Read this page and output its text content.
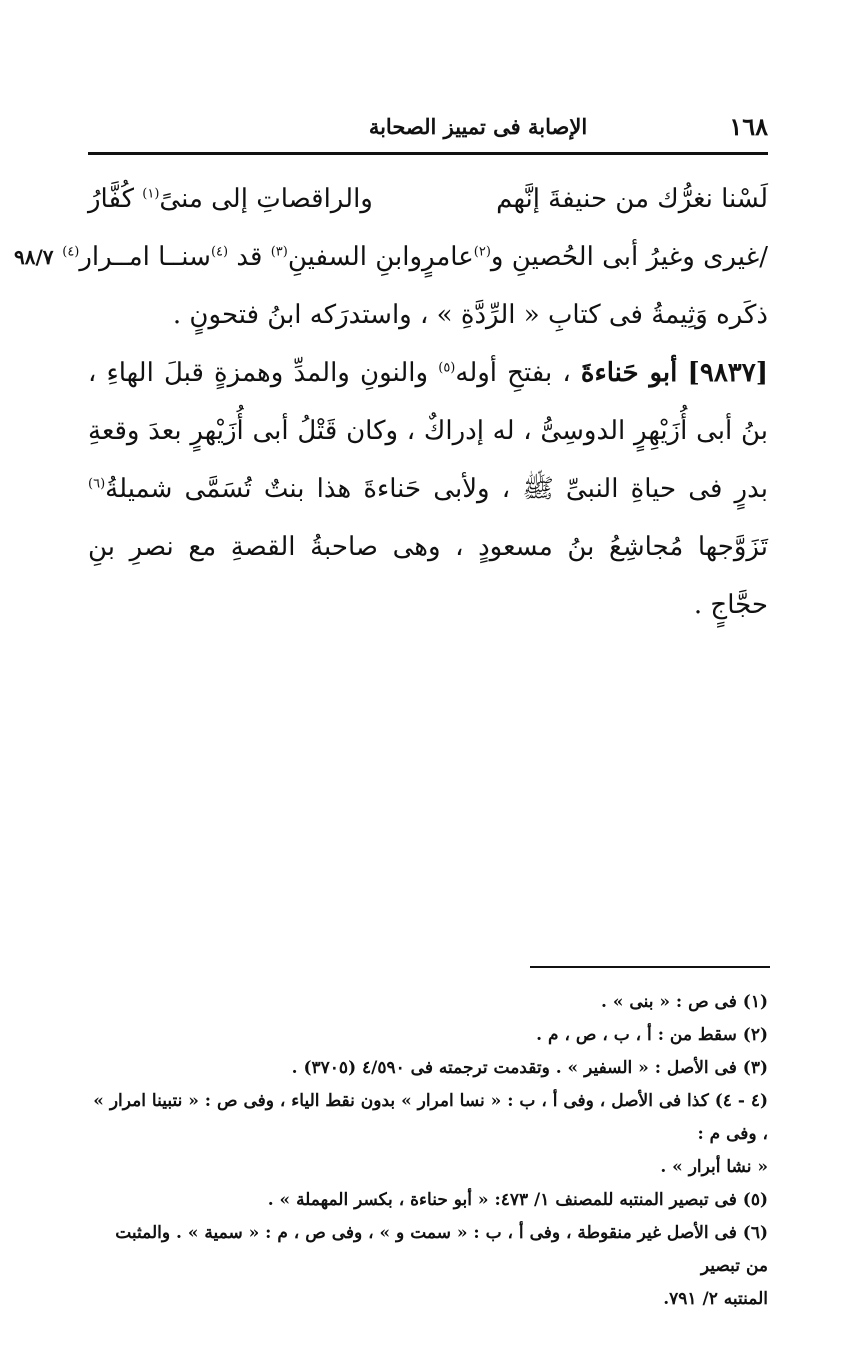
١٦٨
الإصابة فى تمييز الصحابة
لَسْنا نغرُّك من حنيفةَ إنَّهم
والراقصاتِ إلى منىً$^{(١)}$ كُفَّارُ
/غيرى وغيرُ أبى الحُصينِ و$^{(٢)}$عامرٍ
وابنِ السفينِ$^{(٣)}$ قد $^{(٤)}$سنــا امــرار$^{(٤)}$
٩٨/٧

ذكَره وَثِيمةُ فى كتابِ « الرِّدَّةِ » ، واستدرَكه ابنُ فتحونٍ .

[٩٨٣٧] أبو حَناءةَ ، بفتحِ أوله$^{(٥)}$ والنونِ والمدِّ وهمزةٍ قبلَ الهاءِ ، بنُ أبى أُزَيْهِرٍ الدوسِىُّ ، له إدراكٌ ، وكان قَتْلُ أبى أُزَيْهرٍ بعدَ وقعةِ بدرٍ فى حياةِ النبىِّ ﷺ ، ولأبى حَناءةَ هذا بنتٌ تُسَمَّى شميلةُ$^{(٦)}$ تَزَوَّجها مُجاشِعُ بنُ مسعودٍ ، وهى صاحبةُ القصةِ مع نصرِ بنِ حجَّاجٍ .

(١) فى ص : « بنى » .

(٢) سقط من : أ ، ب ، ص ، م .

(٣) فى الأصل : « السفير » . وتقدمت ترجمته فى ٤/٥٩٠ (٣٧٠٥) .

(٤ - ٤) كذا فى الأصل ، وفى أ ، ب : « نسا امرار » بدون نقط الياء ، وفى ص : « نتبينا امرار » ، وفى م :

« نشا أبرار » .

(٥) فى تبصير المنتبه للمصنف ١/ ٤٧٣: « أبو حناءة ، بكسر المهملة » .

(٦) فى الأصل غير منقوطة ، وفى أ ، ب : « سمت و » ، وفى ص ، م : « سمية » . والمثبت من تبصير

المنتبه ٢/ ٧٩١.
